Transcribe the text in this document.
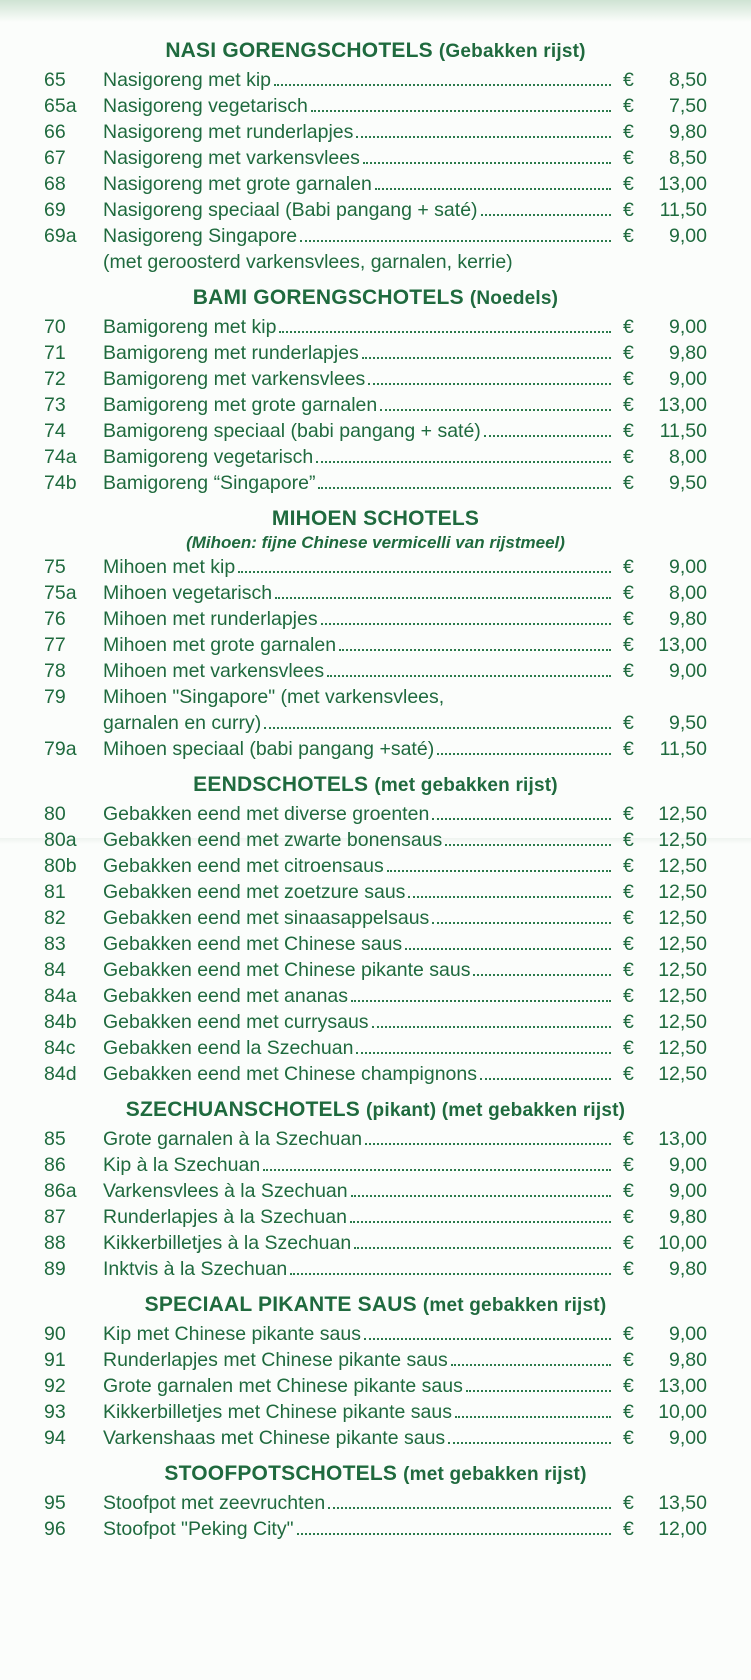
NASI GORENGSCHOTELS (Gebakken rijst)
65 Nasigoreng met kip	€ 8,50
65a Nasigoreng vegetarisch	€ 7,50
66 Nasigoreng met runderlapjes	€ 9,80
67 Nasigoreng met varkensvlees	€ 8,50
68 Nasigoreng met grote garnalen	€ 13,00
69 Nasigoreng speciaal (Babi pangang + saté)	€ 11,50
69a Nasigoreng Singapore	€ 9,00
(met geroosterd varkensvlees, garnalen, kerrie)
BAMI GORENGSCHOTELS (Noedels)
70 Bamigoreng met kip	€ 9,00
71 Bamigoreng met runderlapjes	€ 9,80
72 Bamigoreng met varkensvlees	€ 9,00
73 Bamigoreng met grote garnalen	€ 13,00
74 Bamigoreng speciaal (babi pangang + saté)	€ 11,50
74a Bamigoreng vegetarisch	€ 8,00
74b Bamigoreng “Singapore”	€ 9,50
MIHOEN SCHOTELS
(Mihoen: fijne Chinese vermicelli van rijstmeel)
75 Mihoen met kip	€ 9,00
75a Mihoen vegetarisch	€ 8,00
76 Mihoen met runderlapjes	€ 9,80
77 Mihoen met grote garnalen	€ 13,00
78 Mihoen met varkensvlees	€ 9,00
79 Mihoen "Singapore" (met varkensvlees,
garnalen en curry)	€ 9,50
79a Mihoen speciaal (babi pangang +saté)	€ 11,50
EENDSCHOTELS (met gebakken rijst)
80 Gebakken eend met diverse groenten	€ 12,50
80a Gebakken eend met zwarte bonensaus	€ 12,50
80b Gebakken eend met citroensaus	€ 12,50
81 Gebakken eend met zoetzure saus	€ 12,50
82 Gebakken eend met sinaasappelsaus	€ 12,50
83 Gebakken eend met Chinese saus	€ 12,50
84 Gebakken eend met Chinese pikante saus	€ 12,50
84a Gebakken eend met ananas	€ 12,50
84b Gebakken eend met currysaus	€ 12,50
84c Gebakken eend la Szechuan	€ 12,50
84d Gebakken eend met Chinese champignons	€ 12,50
SZECHUANSCHOTELS (pikant) (met gebakken rijst)
85 Grote garnalen à la Szechuan	€ 13,00
86 Kip à la Szechuan	€ 9,00
86a Varkensvlees à la Szechuan	€ 9,00
87 Runderlapjes à la Szechuan	€ 9,80
88 Kikkerbilletjes à la Szechuan	€ 10,00
89 Inktvis à la Szechuan	€ 9,80
SPECIAAL PIKANTE SAUS (met gebakken rijst)
90 Kip met Chinese pikante saus	€ 9,00
91 Runderlapjes met Chinese pikante saus	€ 9,80
92 Grote garnalen met Chinese pikante saus	€ 13,00
93 Kikkerbilletjes met Chinese pikante saus	€ 10,00
94 Varkenshaas met Chinese pikante saus	€ 9,00
STOOFPOTSCHOTELS (met gebakken rijst)
95 Stoofpot met zeevruchten	€ 13,50
96 Stoofpot "Peking City"	€ 12,00
